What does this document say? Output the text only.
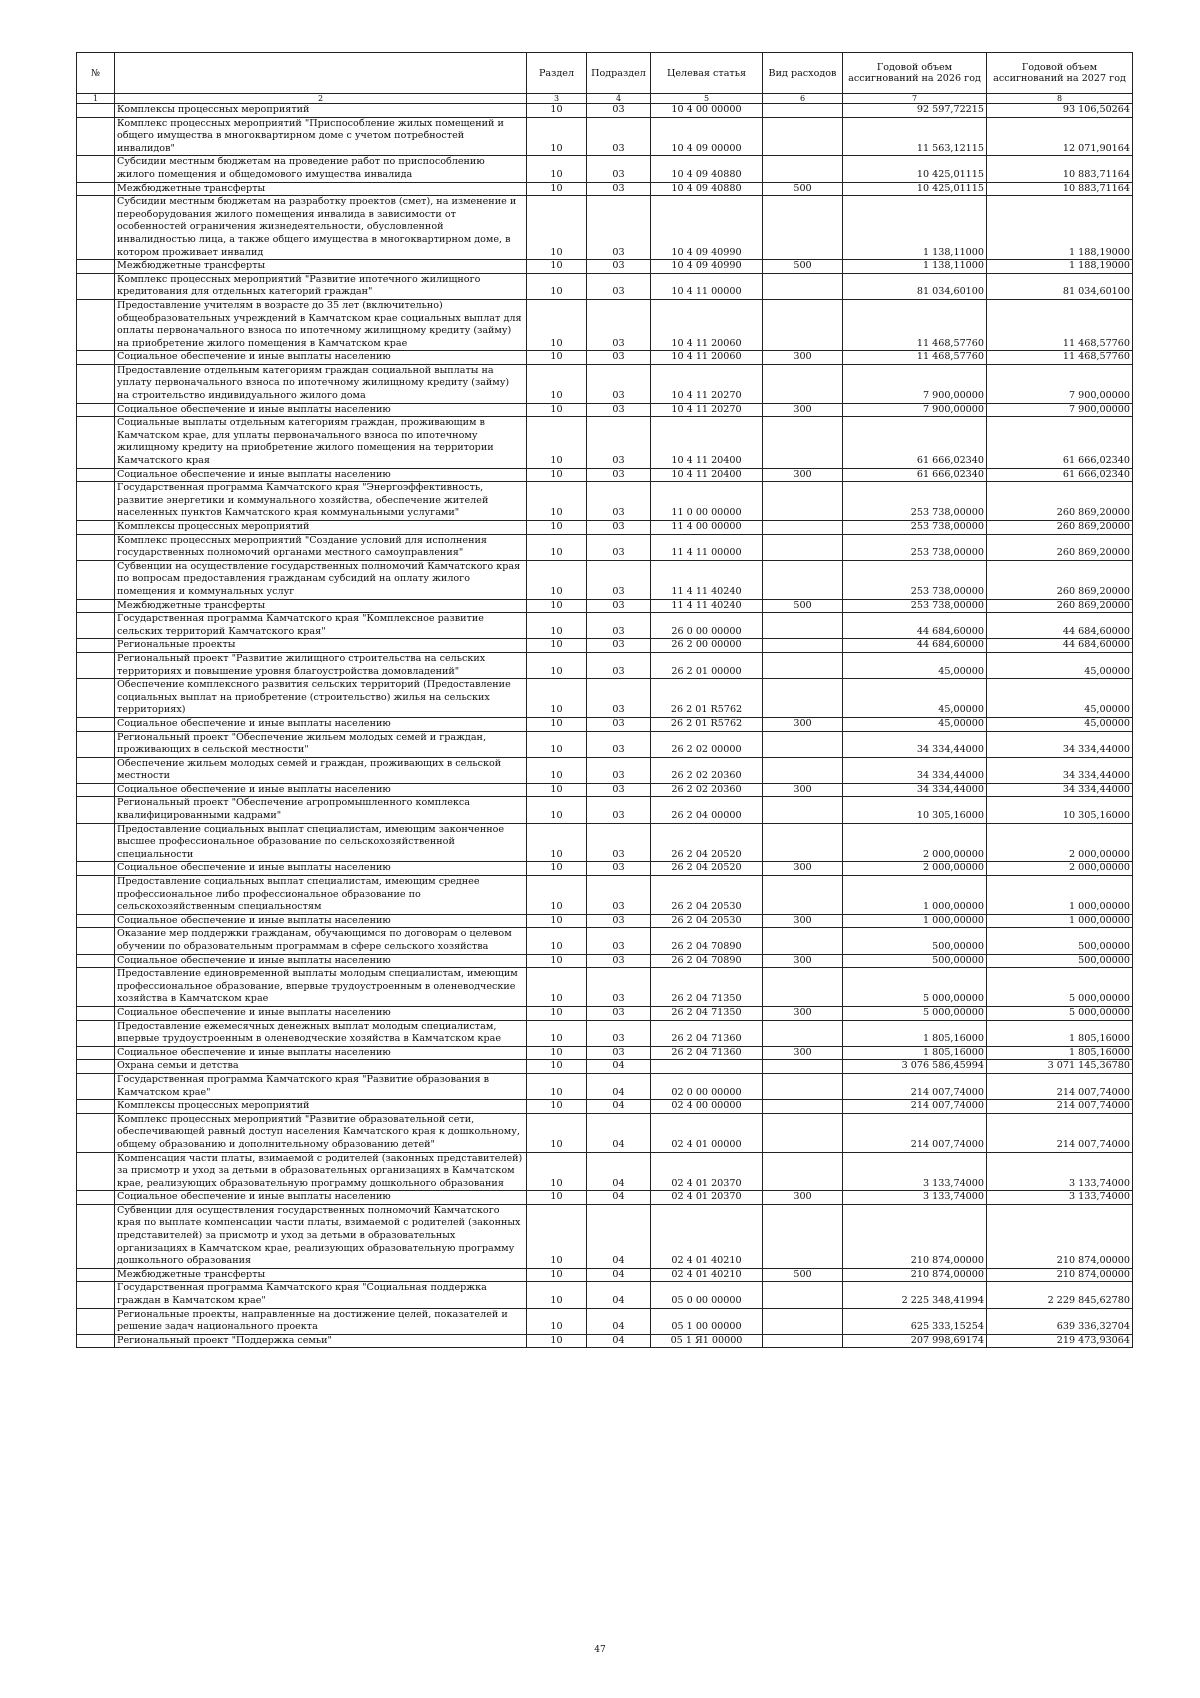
№		Раздел	Подраздел	Целевая статья	Вид расходов	Годовой объем ассигнований на 2026 год	Годовой объем ассигнований на 2027 год
1	2	3	4	5	6	7	8
	Комплексы процессных мероприятий	10	03	10 4 00 00000		92 597,72215	93 106,50264
	Комплекс процессных мероприятий "Приспособление жилых помещений и общего имущества в многоквартирном доме с учетом потребностей инвалидов"	10	03	10 4 09 00000		11 563,12115	12 071,90164
	Субсидии местным бюджетам на проведение работ по приспособлению жилого помещения и общедомового имущества инвалида	10	03	10 4 09 40880		10 425,01115	10 883,71164
	Межбюджетные трансферты	10	03	10 4 09 40880	500	10 425,01115	10 883,71164
	Субсидии местным бюджетам на разработку проектов (смет), на изменение и переоборудования жилого помещения инвалида в зависимости от особенностей ограничения жизнедеятельности, обусловленной инвалидностью лица, а также общего имущества в многоквартирном доме, в котором проживает инвалид	10	03	10 4 09 40990		1 138,11000	1 188,19000
	Межбюджетные трансферты	10	03	10 4 09 40990	500	1 138,11000	1 188,19000
	Комплекс процессных мероприятий "Развитие ипотечного жилищного кредитования для отдельных категорий граждан"	10	03	10 4 11 00000		81 034,60100	81 034,60100
	Предоставление учителям в возрасте до 35 лет (включительно) общеобразовательных учреждений в Камчатском крае социальных выплат для оплаты первоначального взноса по ипотечному жилищному кредиту (займу) на приобретение жилого помещения в Камчатском крае	10	03	10 4 11 20060		11 468,57760	11 468,57760
	Социальное обеспечение и иные выплаты населению	10	03	10 4 11 20060	300	11 468,57760	11 468,57760
	Предоставление отдельным категориям граждан социальной выплаты на уплату первоначального взноса по ипотечному жилищному кредиту (займу) на строительство индивидуального жилого дома	10	03	10 4 11 20270		7 900,00000	7 900,00000
	Социальное обеспечение и иные выплаты населению	10	03	10 4 11 20270	300	7 900,00000	7 900,00000
	Социальные выплаты отдельным категориям граждан, проживающим в Камчатском крае, для уплаты первоначального взноса по ипотечному жилищному кредиту на приобретение жилого помещения на территории Камчатского края	10	03	10 4 11 20400		61 666,02340	61 666,02340
	Социальное обеспечение и иные выплаты населению	10	03	10 4 11 20400	300	61 666,02340	61 666,02340
	Государственная программа Камчатского края "Энергоэффективность, развитие энергетики и коммунального хозяйства, обеспечение жителей населенных пунктов Камчатского края коммунальными услугами"	10	03	11 0 00 00000		253 738,00000	260 869,20000
	Комплексы процессных мероприятий	10	03	11 4 00 00000		253 738,00000	260 869,20000
	Комплекс процессных мероприятий "Создание условий для исполнения государственных полномочий органами местного самоуправления"	10	03	11 4 11 00000		253 738,00000	260 869,20000
	Субвенции на осуществление государственных полномочий Камчатского края по вопросам предоставления гражданам субсидий на оплату жилого помещения и коммунальных услуг	10	03	11 4 11 40240		253 738,00000	260 869,20000
	Межбюджетные трансферты	10	03	11 4 11 40240	500	253 738,00000	260 869,20000
	Государственная программа Камчатского края "Комплексное развитие сельских территорий Камчатского края"	10	03	26 0 00 00000		44 684,60000	44 684,60000
	Региональные проекты	10	03	26 2 00 00000		44 684,60000	44 684,60000
	Региональный проект "Развитие жилищного строительства на сельских территориях и повышение уровня благоустройства домовладений"	10	03	26 2 01 00000		45,00000	45,00000
	Обеспечение комплексного развития сельских территорий (Предоставление социальных выплат на приобретение (строительство) жилья на сельских территориях)	10	03	26 2 01 R5762		45,00000	45,00000
	Социальное обеспечение и иные выплаты населению	10	03	26 2 01 R5762	300	45,00000	45,00000
	Региональный проект "Обеспечение жильем молодых семей и граждан, проживающих в сельской местности"	10	03	26 2 02 00000		34 334,44000	34 334,44000
	Обеспечение жильем молодых семей и граждан, проживающих в сельской местности	10	03	26 2 02 20360		34 334,44000	34 334,44000
	Социальное обеспечение и иные выплаты населению	10	03	26 2 02 20360	300	34 334,44000	34 334,44000
	Региональный проект "Обеспечение агропромышленного комплекса квалифицированными кадрами"	10	03	26 2 04 00000		10 305,16000	10 305,16000
	Предоставление социальных выплат специалистам, имеющим законченное высшее профессиональное образование по сельскохозяйственной специальности	10	03	26 2 04 20520		2 000,00000	2 000,00000
	Социальное обеспечение и иные выплаты населению	10	03	26 2 04 20520	300	2 000,00000	2 000,00000
	Предоставление социальных выплат специалистам, имеющим среднее профессиональное либо профессиональное образование по сельскохозяйственным специальностям	10	03	26 2 04 20530		1 000,00000	1 000,00000
	Социальное обеспечение и иные выплаты населению	10	03	26 2 04 20530	300	1 000,00000	1 000,00000
	Оказание мер поддержки гражданам, обучающимся по договорам о целевом обучении по образовательным программам в сфере сельского хозяйства	10	03	26 2 04 70890		500,00000	500,00000
	Социальное обеспечение и иные выплаты населению	10	03	26 2 04 70890	300	500,00000	500,00000
	Предоставление единовременной выплаты молодым специалистам, имеющим профессиональное образование, впервые трудоустроенным в оленеводческие хозяйства в Камчатском крае	10	03	26 2 04 71350		5 000,00000	5 000,00000
	Социальное обеспечение и иные выплаты населению	10	03	26 2 04 71350	300	5 000,00000	5 000,00000
	Предоставление ежемесячных денежных выплат молодым специалистам, впервые трудоустроенным в оленеводческие хозяйства в Камчатском крае	10	03	26 2 04 71360		1 805,16000	1 805,16000
	Социальное обеспечение и иные выплаты населению	10	03	26 2 04 71360	300	1 805,16000	1 805,16000
	Охрана семьи и детства	10	04			3 076 586,45994	3 071 145,36780
	Государственная программа Камчатского края "Развитие образования в Камчатском крае"	10	04	02 0 00 00000		214 007,74000	214 007,74000
	Комплексы процессных мероприятий	10	04	02 4 00 00000		214 007,74000	214 007,74000
	Комплекс процессных мероприятий "Развитие образовательной сети, обеспечивающей равный доступ населения Камчатского края к дошкольному, общему образованию и дополнительному образованию детей"	10	04	02 4 01 00000		214 007,74000	214 007,74000
	Компенсация части платы, взимаемой с родителей (законных представителей) за присмотр и уход за детьми в образовательных организациях в Камчатском крае, реализующих образовательную программу дошкольного образования	10	04	02 4 01 20370		3 133,74000	3 133,74000
	Социальное обеспечение и иные выплаты населению	10	04	02 4 01 20370	300	3 133,74000	3 133,74000
	Субвенции для осуществления государственных полномочий Камчатского края по выплате компенсации части платы, взимаемой с родителей (законных представителей) за присмотр и уход за детьми в образовательных организациях в Камчатском крае, реализующих образовательную программу дошкольного образования	10	04	02 4 01 40210		210 874,00000	210 874,00000
	Межбюджетные трансферты	10	04	02 4 01 40210	500	210 874,00000	210 874,00000
	Государственная программа Камчатского края "Социальная поддержка граждан в Камчатском крае"	10	04	05 0 00 00000		2 225 348,41994	2 229 845,62780
	Региональные проекты, направленные на достижение целей, показателей и решение задач национального проекта	10	04	05 1 00 00000		625 333,15254	639 336,32704
	Региональный проект "Поддержка семьи"	10	04	05 1 Я1 00000		207 998,69174	219 473,93064
47
